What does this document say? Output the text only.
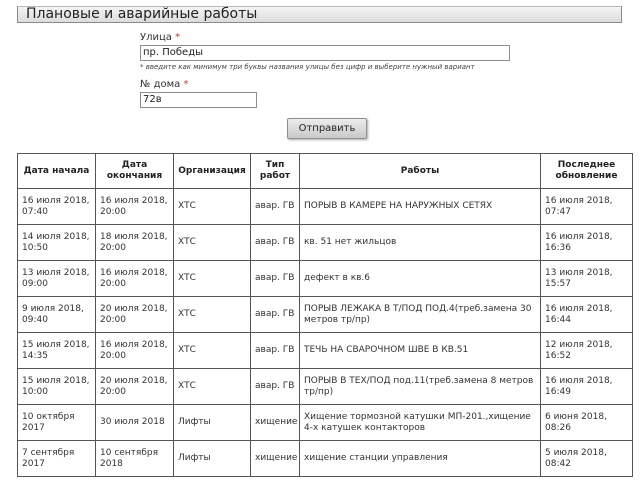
Плановые и аварийные работы
Улица *
пр. Победы
* введите как минимум три буквы названия улицы без цифр и выберите нужный вариант
№ дома *
72в
Отправить
Дата начала	Дата окончания	Организация	Тип работ	Работы	Последнее обновление
16 июля 2018, 07:40	16 июля 2018, 20:00	ХТС	авар. ГВ	ПОРЫВ В КАМЕРЕ НА НАРУЖНЫХ СЕТЯХ	16 июля 2018, 07:47
14 июля 2018, 10:50	18 июля 2018, 20:00	ХТС	авар. ГВ	кв. 51 нет жильцов	16 июля 2018, 16:36
13 июля 2018, 09:00	16 июля 2018, 20:00	ХТС	авар. ГВ	дефект в кв.6	13 июля 2018, 15:57
9 июля 2018, 09:40	20 июля 2018, 20:00	ХТС	авар. ГВ	ПОРЫВ ЛЕЖАКА В Т/ПОД ПОД.4(треб.замена 30 метров тр/пр)	16 июля 2018, 16:44
15 июля 2018, 14:35	16 июля 2018, 20:00	ХТС	авар. ГВ	ТЕЧЬ НА СВАРОЧНОМ ШВЕ В КВ.51	12 июля 2018, 16:52
15 июля 2018, 10:00	20 июля 2018, 20:00	ХТС	авар. ГВ	ПОРЫВ В ТЕХ/ПОД под.11(треб.замена 8 метров тр/пр)	16 июля 2018, 16:49
10 октября 2017	30 июля 2018	Лифты	хищение	Хищение тормозной катушки МП-201.,хищение 4-х катушек контакторов	6 июня 2018, 08:26
7 сентября 2017	10 сентября 2018	Лифты	хищение	хищение станции управления	5 июля 2018, 08:42
